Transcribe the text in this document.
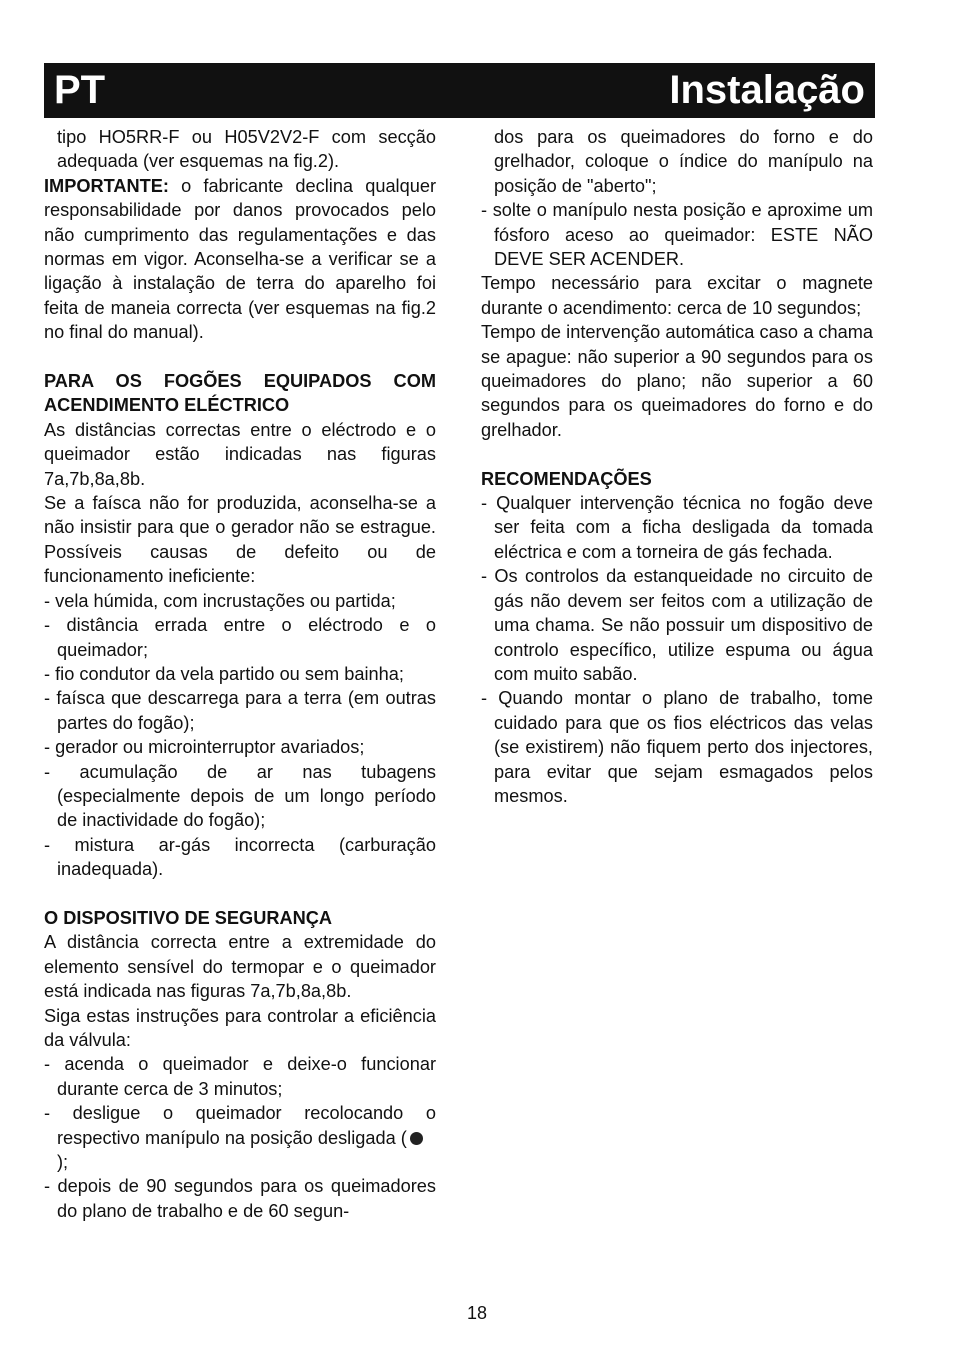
PT	Instalação

tipo HO5RR-F ou H05V2V2-F com secção adequada (ver esquemas na fig.2).

IMPORTANTE: o fabricante declina qualquer responsabilidade por danos provocados pelo não cumprimento das regulamentações e das normas em vigor. Aconselha-se a verificar se a ligação à instalação de terra do aparelho foi feita de maneia correcta (ver esquemas na fig.2 no final do manual).

PARA OS FOGÕES EQUIPADOS COM ACENDIMENTO ELÉCTRICO

As distâncias correctas entre o eléctrodo e o queimador estão indicadas nas figuras 7a,7b,8a,8b.

Se a faísca não for produzida, aconselha-se a não insistir para que o gerador não se estrague. Possíveis causas de defeito ou de funcionamento ineficiente:

- vela húmida, com incrustações ou partida;

- distância errada entre o eléctrodo e o queimador;

- fio condutor da vela partido ou sem bainha;

- faísca que descarrega para a terra (em outras partes do fogão);

- gerador ou microinterruptor avariados;

- acumulação de ar nas tubagens (especialmente depois de um longo período de inactividade do fogão);

- mistura ar-gás incorrecta (carburação inadequada).

O DISPOSITIVO DE SEGURANÇA

A distância correcta entre a extremidade do elemento sensível do termopar e o queimador está indicada nas figuras 7a,7b,8a,8b.

Siga estas instruções para controlar a eficiência da válvula:

- acenda o queimador e deixe-o funcionar durante cerca de 3 minutos;

- desligue o queimador recolocando o respectivo manípulo na posição desligada (
);

- depois de 90 segundos para os queimadores do plano de trabalho e de 60 segun-

dos para os queimadores do forno e do grelhador, coloque o índice do manípulo na posição de "aberto";

- solte o manípulo nesta posição e aproxime um fósforo aceso ao queimador: ESTE NÃO DEVE SER ACENDER.

Tempo necessário para excitar o magnete durante o acendimento: cerca de 10 segundos;

Tempo de intervenção automática caso a chama se apague: não superior a 90 segundos para os queimadores do plano; não superior a 60 segundos para os queimadores do forno e do grelhador.

RECOMENDAÇÕES

- Qualquer intervenção técnica no fogão deve ser feita com a ficha desligada da tomada eléctrica e com a torneira de gás fechada.

- Os controlos da estanqueidade no circuito de gás não devem ser feitos com a utilização de uma chama. Se não possuir um dispositivo de controlo específico, utilize espuma ou água com muito sabão.

- Quando montar o plano de trabalho, tome cuidado para que os fios eléctricos das velas (se existirem) não fiquem perto dos injectores, para evitar que sejam esmagados pelos mesmos.

18
